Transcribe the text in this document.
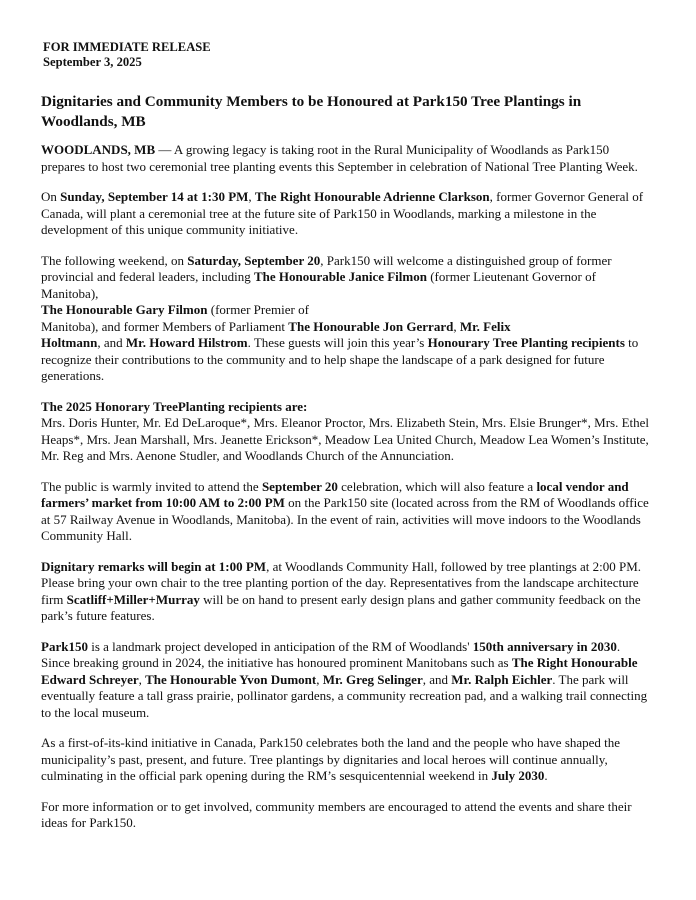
FOR IMMEDIATE RELEASE
September 3, 2025
Dignitaries and Community Members to be Honoured at Park150 Tree Plantings in Woodlands, MB

WOODLANDS, MB — A growing legacy is taking root in the Rural Municipality of Woodlands as Park150 prepares to host two ceremonial tree planting events this September in celebration of National Tree Planting Week.

On Sunday, September 14 at 1:30 PM, The Right Honourable Adrienne Clarkson, former Governor General of Canada, will plant a ceremonial tree at the future site of Park150 in Woodlands, marking a milestone in the development of this unique community initiative.

The following weekend, on Saturday, September 20, Park150 will welcome a distinguished group of former provincial and federal leaders, including The Honourable Janice Filmon (former Lieutenant Governor of Manitoba),
The Honourable Gary Filmon (former Premier of
Manitoba), and former Members of Parliament The Honourable Jon Gerrard, Mr. Felix
Holtmann, and Mr. Howard Hilstrom. These guests will join this year’s Honourary Tree Planting recipients to recognize their contributions to the community and to help shape the landscape of a park designed for future generations.

The 2025 Honorary TreePlanting recipients are:
Mrs. Doris Hunter, Mr. Ed DeLaroque*, Mrs. Eleanor Proctor, Mrs. Elizabeth Stein, Mrs. Elsie Brunger*, Mrs. Ethel Heaps*, Mrs. Jean Marshall, Mrs. Jeanette Erickson*, Meadow Lea United Church, Meadow Lea Women’s Institute, Mr. Reg and Mrs. Aenone Studler, and Woodlands Church of the Annunciation.

The public is warmly invited to attend the September 20 celebration, which will also feature a local vendor and farmers’ market from 10:00 AM to 2:00 PM on the Park150 site (located across from the RM of Woodlands office at 57 Railway Avenue in Woodlands, Manitoba). In the event of rain, activities will move indoors to the Woodlands Community Hall.

Dignitary remarks will begin at 1:00 PM, at Woodlands Community Hall, followed by tree plantings at 2:00 PM. Please bring your own chair to the tree planting portion of the day. Representatives from the landscape architecture firm Scatliff+Miller+Murray will be on hand to present early design plans and gather community feedback on the park’s future features.

Park150 is a landmark project developed in anticipation of the RM of Woodlands' 150th anniversary in 2030. Since breaking ground in 2024, the initiative has honoured prominent Manitobans such as The Right Honourable Edward Schreyer, The Honourable Yvon Dumont, Mr. Greg Selinger, and Mr. Ralph Eichler. The park will eventually feature a tall grass prairie, pollinator gardens, a community recreation pad, and a walking trail connecting to the local museum.

As a first-of-its-kind initiative in Canada, Park150 celebrates both the land and the people who have shaped the municipality’s past, present, and future. Tree plantings by dignitaries and local heroes will continue annually, culminating in the official park opening during the RM’s sesquicentennial weekend in July 2030.

For more information or to get involved, community members are encouraged to attend the events and share their ideas for Park150.
